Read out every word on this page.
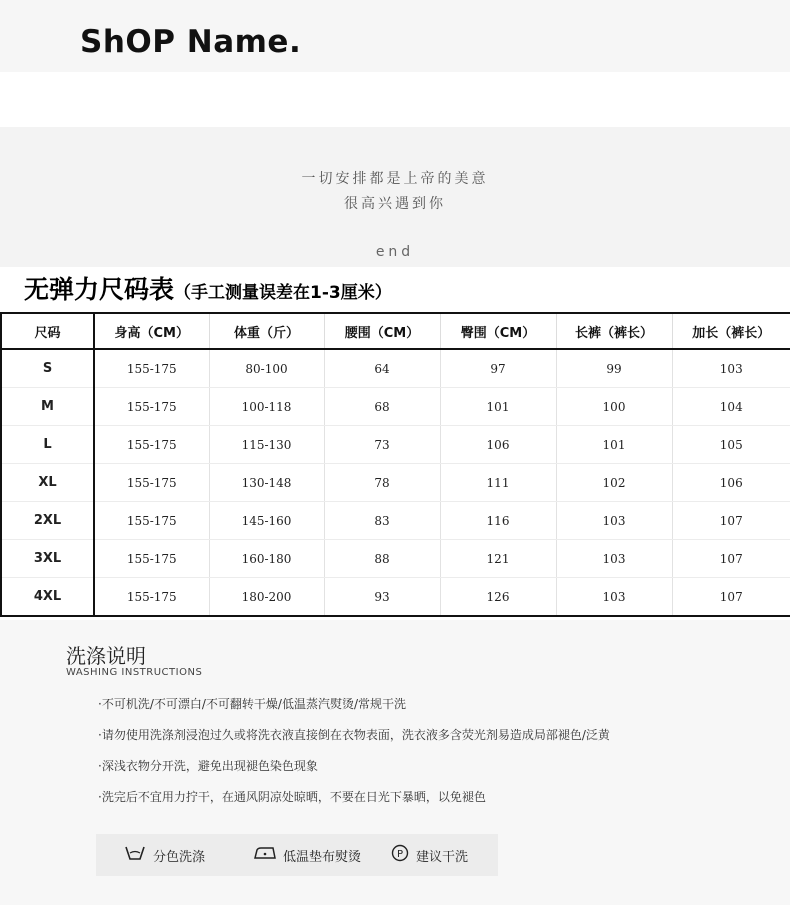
ShOP Name.
一切安排都是上帝的美意
很高兴遇到你
end
无弹力尺码表（手工测量误差在1-3厘米）
尺码	身高（CM）	体重（斤）	腰围（CM）	臀围（CM）	长裤（裤长）	加长（裤长）
S	155-175	80-100	64	97	99	103
M	155-175	100-118	68	101	100	104
L	155-175	115-130	73	106	101	105
XL	155-175	130-148	78	111	102	106
2XL	155-175	145-160	83	116	103	107
3XL	155-175	160-180	88	121	103	107
4XL	155-175	180-200	93	126	103	107
洗涤说明
WASHING INSTRUCTIONS
·不可机洗/不可漂白/不可翻转干燥/低温蒸汽熨烫/常规干洗
·请勿使用洗涤剂浸泡过久或将洗衣液直接倒在衣物表面，洗衣液多含荧光剂易造成局部褪色/泛黄
·深浅衣物分开洗，避免出现褪色染色现象
·洗完后不宜用力拧干，在通风阴凉处晾晒，不要在日光下暴晒，以免褪色
分色洗涤	低温垫布熨烫	P 建议干洗
